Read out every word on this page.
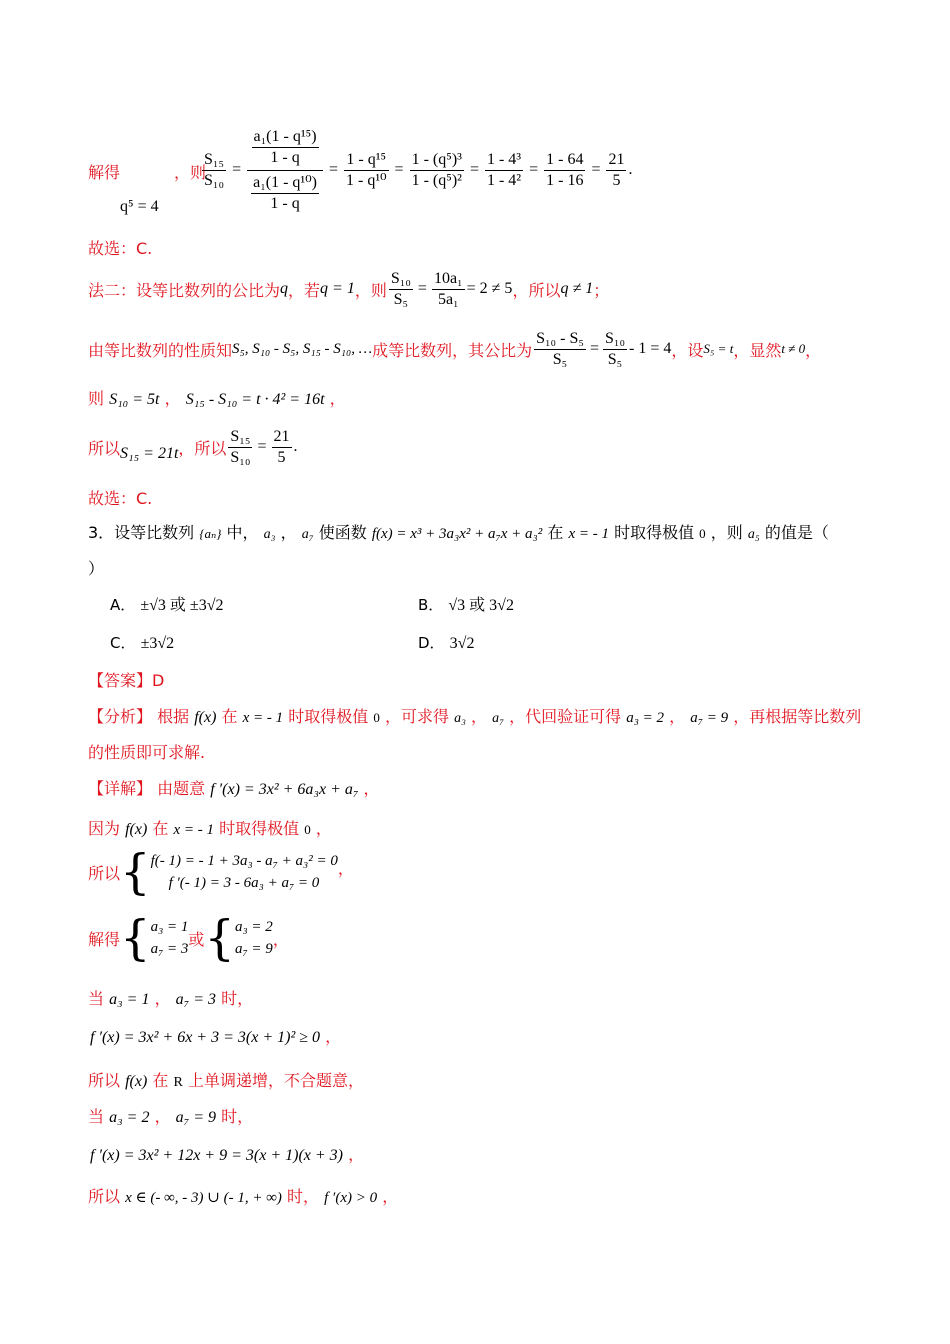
解得
q⁵ = 4
，则
$\frac{\text{S₁₅}}{\text{S₁₀}} = \frac{\frac{\text{a₁(1 - q¹⁵)}}{1 - q}}{\frac{\text{a₁(1 - q¹⁰)}}{1 - q}} = \frac{\text{1 - q¹⁵}}{\text{1 - q¹⁰}} = \frac{\text{1 - (q⁵)³}}{\text{1 - (q⁵)²}} = \frac{\text{1 - 4³}}{\text{1 - 4²}} = \frac{1 - 64}{1 - 16} = \frac{21}{5}$ .
故选：C.
法二：设等比数列的公比为 q ，若 q = 1 ，则 $\frac{\text{S₁₀}}{\text{S₅}} = \frac{\text{10a₁}}{\text{5a₁}} = 2 \ne 5$ ，所以 q ≠ 1 ；
由等比数列的性质知 S₅, S₁₀ - S₅, S₁₅ - S₁₀, … 成等比数列，其公比为 $\frac{\text{S₁₀ - S₅}}{\text{S₅}} = \frac{\text{S₁₀}}{\text{S₅}} - 1 = 4$ ，设 S₅ = t ，显然 t ≠ 0 ，
则 S₁₀ = 5t ， S₁₅ - S₁₀ = t · 4² = 16t ，
所以 S₁₅ = 21t ，所以 $\frac{\text{S₁₅}}{\text{S₁₀}} = \frac{21}{5}$ .
故选：C.
3．设等比数列 {aₙ} 中， a₃ ， a₇ 使函数 f(x) = x³ + 3a₃x² + a₇x + a₃² 在 x = - 1 时取得极值 0 ，则 a₅ 的值是（
）
A． ±√3 或 ±3√2	B． √3 或 3√2
C． ±3√2	D． 3√2
【答案】D
【分析】 根据 f(x) 在 x = - 1 时取得极值 0 ，可求得 a₃ ， a₇ ，代回验证可得 a₃ = 2 ， a₇ = 9 ，再根据等比数列
的性质即可求解.
【详解】 由题意 f ′(x) = 3x² + 6a₃x + a₇ ，
因为 f(x) 在 x = - 1 时取得极值 0 ，
所以 { f(- 1) = - 1 + 3a₃ - a₇ + a₃² = 0
f ′(- 1) = 3 - 6a₃ + a₇ = 0
，
解得 { a₃ = 1
a₇ = 3
或 { a₃ = 2
a₇ = 9
，
当 a₃ = 1 ， a₇ = 3 时，
f ′(x) = 3x² + 6x + 3 = 3(x + 1)² ≥ 0 ，
所以 f(x) 在 R 上单调递增，不合题意，
当 a₃ = 2 ， a₇ = 9 时，
f ′(x) = 3x² + 12x + 9 = 3(x + 1)(x + 3) ，
所以 x ∈ (- ∞, - 3) ∪ (- 1, + ∞) 时， f ′(x) > 0 ，
